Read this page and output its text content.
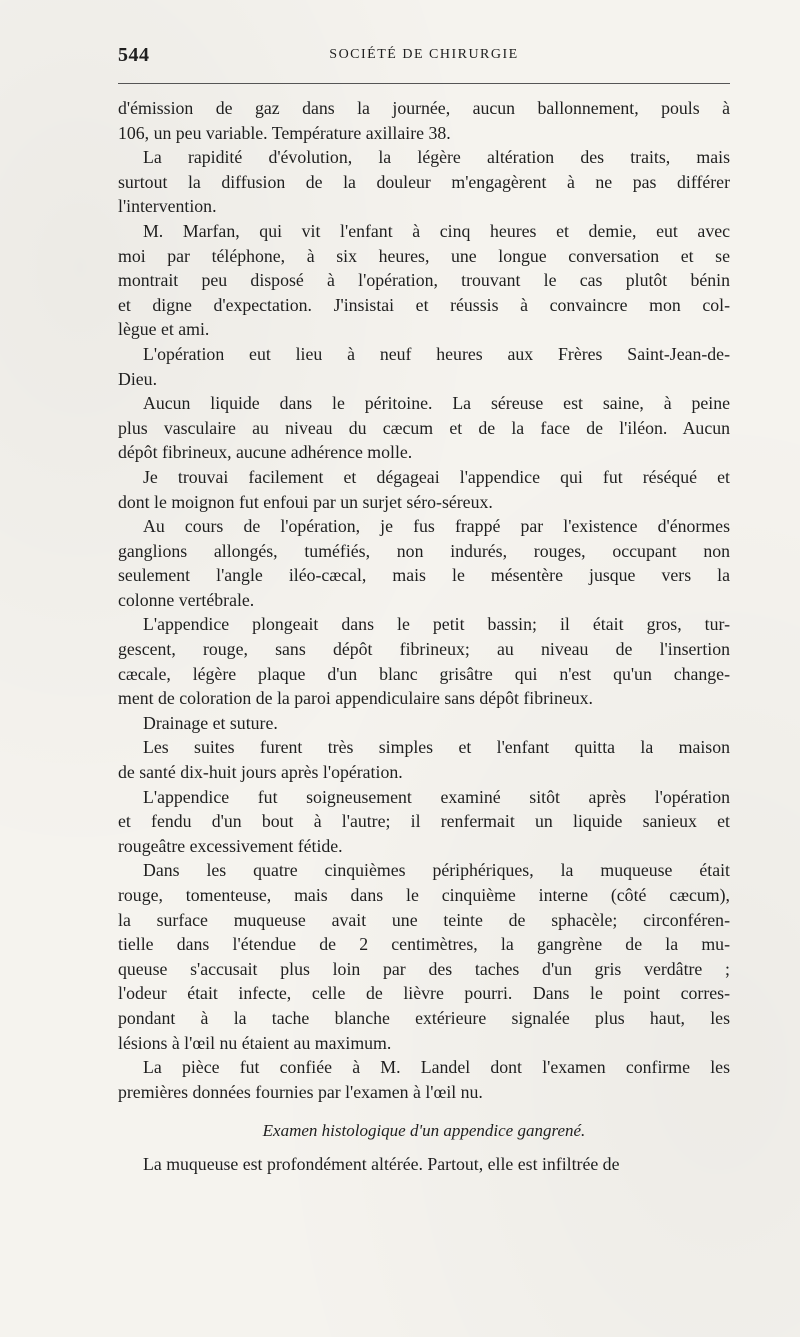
544	SOCIÉTÉ DE CHIRURGIE
d'émission de gaz dans la journée, aucun ballonnement, pouls à
106, un peu variable. Température axillaire 38.
La rapidité d'évolution, la légère altération des traits, mais
surtout la diffusion de la douleur m'engagèrent à ne pas différer
l'intervention.
M. Marfan, qui vit l'enfant à cinq heures et demie, eut avec
moi par téléphone, à six heures, une longue conversation et se
montrait peu disposé à l'opération, trouvant le cas plutôt bénin
et digne d'expectation. J'insistai et réussis à convaincre mon col-
lègue et ami.
L'opération eut lieu à neuf heures aux Frères Saint-Jean-de-
Dieu.
Aucun liquide dans le péritoine. La séreuse est saine, à peine
plus vasculaire au niveau du cæcum et de la face de l'iléon. Aucun
dépôt fibrineux, aucune adhérence molle.
Je trouvai facilement et dégageai l'appendice qui fut réséqué et
dont le moignon fut enfoui par un surjet séro-séreux.
Au cours de l'opération, je fus frappé par l'existence d'énormes
ganglions allongés, tuméfiés, non indurés, rouges, occupant non
seulement l'angle iléo-cæcal, mais le mésentère jusque vers la
colonne vertébrale.
L'appendice plongeait dans le petit bassin; il était gros, tur-
gescent, rouge, sans dépôt fibrineux; au niveau de l'insertion
cæcale, légère plaque d'un blanc grisâtre qui n'est qu'un change-
ment de coloration de la paroi appendiculaire sans dépôt fibrineux.
Drainage et suture.
Les suites furent très simples et l'enfant quitta la maison
de santé dix-huit jours après l'opération.
L'appendice fut soigneusement examiné sitôt après l'opération
et fendu d'un bout à l'autre; il renfermait un liquide sanieux et
rougeâtre excessivement fétide.
Dans les quatre cinquièmes périphériques, la muqueuse était
rouge, tomenteuse, mais dans le cinquième interne (côté cæcum),
la surface muqueuse avait une teinte de sphacèle; circonféren-
tielle dans l'étendue de 2 centimètres, la gangrène de la mu-
queuse s'accusait plus loin par des taches d'un gris verdâtre ;
l'odeur était infecte, celle de lièvre pourri. Dans le point corres-
pondant à la tache blanche extérieure signalée plus haut, les
lésions à l'œil nu étaient au maximum.
La pièce fut confiée à M. Landel dont l'examen confirme les
premières données fournies par l'examen à l'œil nu.
Examen histologique d'un appendice gangrené.
La muqueuse est profondément altérée. Partout, elle est infiltrée de
